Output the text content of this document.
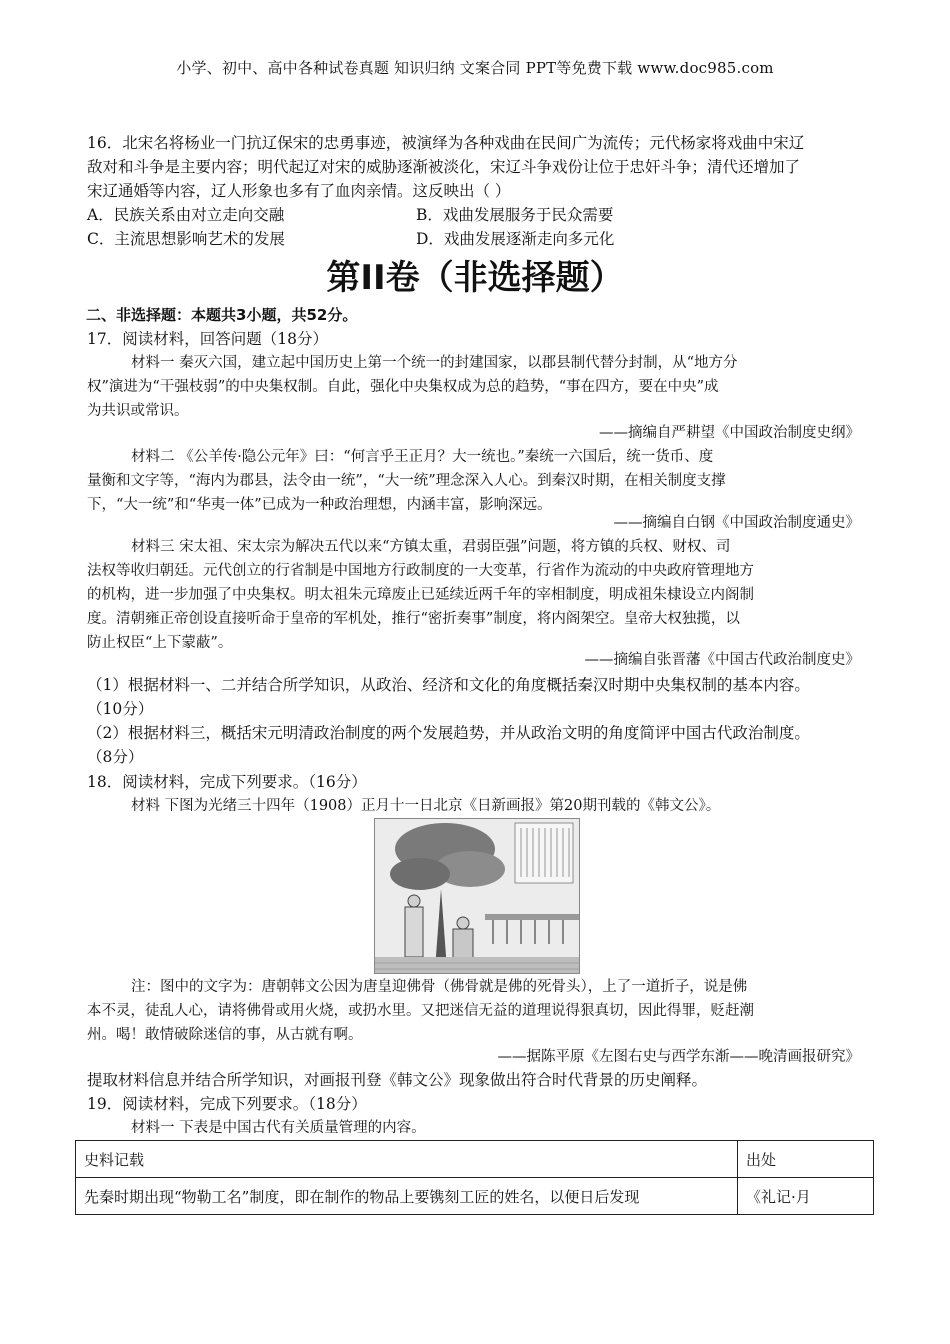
小学、初中、高中各种试卷真题 知识归纳 文案合同 PPT等免费下载 www.doc985.com
16．北宋名将杨业一门抗辽保宋的忠勇事迹，被演绎为各种戏曲在民间广为流传；元代杨家将戏曲中宋辽
敌对和斗争是主要内容；明代起辽对宋的威胁逐渐被淡化，宋辽斗争戏份让位于忠奸斗争；清代还增加了
宋辽通婚等内容，辽人形象也多有了血肉亲情。这反映出（ ）
A．民族关系由对立走向交融	B．戏曲发展服务于民众需要
C．主流思想影响艺术的发展	D．戏曲发展逐渐走向多元化
第II卷（非选择题）
二、非选择题：本题共3小题，共52分。
17．阅读材料，回答问题（18分）
材料一 秦灭六国，建立起中国历史上第一个统一的封建国家，以郡县制代替分封制，从“地方分
权”演进为“干强枝弱”的中央集权制。自此，强化中央集权成为总的趋势，“事在四方，要在中央”成
为共识或常识。
——摘编自严耕望《中国政治制度史纲》
材料二 《公羊传·隐公元年》曰：“何言乎王正月？大一统也。”秦统一六国后，统一货币、度
量衡和文字等，“海内为郡县，法令由一统”，“大一统”理念深入人心。到秦汉时期，在相关制度支撑
下，“大一统”和“华夷一体”已成为一种政治理想，内涵丰富，影响深远。
——摘编自白钢《中国政治制度通史》
材料三 宋太祖、宋太宗为解决五代以来“方镇太重，君弱臣强”问题，将方镇的兵权、财权、司
法权等收归朝廷。元代创立的行省制是中国地方行政制度的一大变革，行省作为流动的中央政府管理地方
的机构，进一步加强了中央集权。明太祖朱元璋废止已延续近两千年的宰相制度，明成祖朱棣设立内阁制
度。清朝雍正帝创设直接听命于皇帝的军机处，推行“密折奏事”制度，将内阁架空。皇帝大权独揽，以
防止权臣“上下蒙蔽”。
——摘编自张晋藩《中国古代政治制度史》
（1）根据材料一、二并结合所学知识，从政治、经济和文化的角度概括秦汉时期中央集权制的基本内容。
（10分）
（2）根据材料三，概括宋元明清政治制度的两个发展趋势，并从政治文明的角度简评中国古代政治制度。
（8分）
18．阅读材料，完成下列要求。（16分）
材料 下图为光绪三十四年（1908）正月十一日北京《日新画报》第20期刊载的《韩文公》。
注：图中的文字为：唐朝韩文公因为唐皇迎佛骨（佛骨就是佛的死骨头），上了一道折子，说是佛
本不灵，徒乱人心，请将佛骨或用火烧，或扔水里。又把迷信无益的道理说得狠真切，因此得罪，贬赶潮
州。喝！敢情破除迷信的事，从古就有啊。
——据陈平原《左图右史与西学东渐——晚清画报研究》
提取材料信息并结合所学知识，对画报刊登《韩文公》现象做出符合时代背景的历史阐释。
19．阅读材料，完成下列要求。（18分）
材料一 下表是中国古代有关质量管理的内容。
史料记载	出处
先秦时期出现“物勒工名”制度，即在制作的物品上要镌刻工匠的姓名，以便日后发现	《礼记·月
